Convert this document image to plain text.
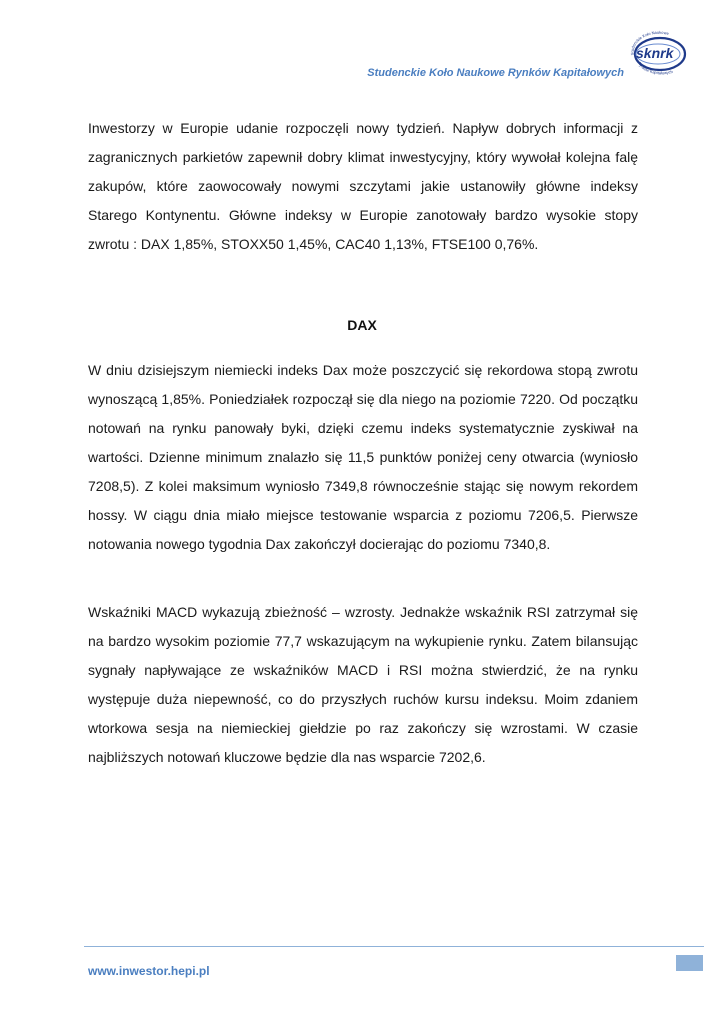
Studenckie Koło Naukowe Rynków Kapitałowych
sknrk
Studenckie Koło Naukowe
Rynków Kapitałowych

Inwestorzy w Europie udanie rozpoczęli nowy tydzień. Napływ dobrych informacji z zagranicznych parkietów zapewnił dobry klimat inwestycyjny, który wywołał kolejna falę zakupów, które zaowocowały nowymi szczytami jakie ustanowiły główne indeksy Starego Kontynentu. Główne indeksy w Europie zanotowały bardzo wysokie stopy zwrotu : DAX 1,85%, STOXX50 1,45%, CAC40 1,13%, FTSE100 0,76%.

DAX

W dniu dzisiejszym niemiecki indeks Dax może poszczycić się rekordowa stopą zwrotu wynoszącą 1,85%. Poniedziałek rozpoczął się dla niego na poziomie 7220. Od początku notowań na rynku panowały byki, dzięki czemu indeks systematycznie zyskiwał na wartości. Dzienne minimum znalazło się 11,5 punktów poniżej ceny otwarcia (wyniosło 7208,5). Z kolei maksimum wyniosło 7349,8 równocześnie stając się nowym rekordem hossy. W ciągu dnia miało miejsce testowanie wsparcia z poziomu 7206,5. Pierwsze notowania nowego tygodnia Dax zakończył docierając do poziomu 7340,8.

Wskaźniki MACD wykazują zbieżność – wzrosty. Jednakże wskaźnik RSI zatrzymał się na bardzo wysokim poziomie 77,7 wskazującym na wykupienie rynku. Zatem bilansując sygnały napływające ze wskaźników MACD i RSI można stwierdzić, że na rynku występuje duża niepewność, co do przyszłych ruchów kursu indeksu. Moim zdaniem wtorkowa sesja na niemieckiej giełdzie po raz zakończy się wzrostami. W czasie najbliższych notowań kluczowe będzie dla nas wsparcie 7202,6.

www.inwestor.hepi.pl
